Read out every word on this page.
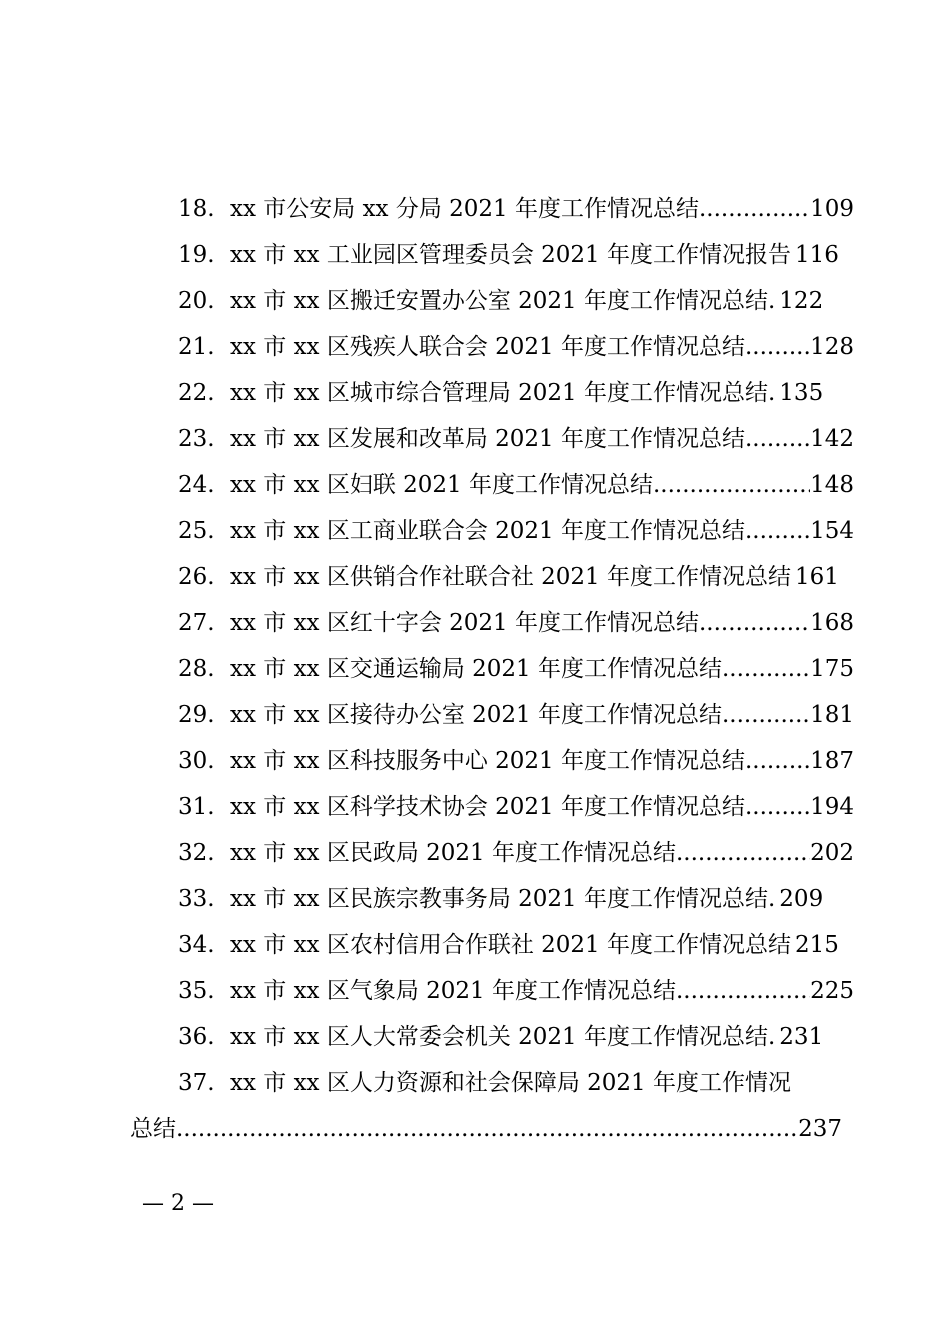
18. xx 市公安局 xx 分局 2021 年度工作情况总结 .....	109
19. xx 市 xx 工业园区管理委员会 2021 年度工作情况报告 116
20. xx 市 xx 区搬迁安置办公室 2021 年度工作情况总结. 122
21. xx 市 xx 区残疾人联合会 2021 年度工作情况总结 .....	128
22. xx 市 xx 区城市综合管理局 2021 年度工作情况总结. 135
23. xx 市 xx 区发展和改革局 2021 年度工作情况总结 .....	142
24. xx 市 xx 区妇联 2021 年度工作情况总结 .....	148
25. xx 市 xx 区工商业联合会 2021 年度工作情况总结 .....	154
26. xx 市 xx 区供销合作社联合社 2021 年度工作情况总结 161
27. xx 市 xx 区红十字会 2021 年度工作情况总结 .....	168
28. xx 市 xx 区交通运输局 2021 年度工作情况总结 .....	175
29. xx 市 xx 区接待办公室 2021 年度工作情况总结 .....	181
30. xx 市 xx 区科技服务中心 2021 年度工作情况总结 .....	187
31. xx 市 xx 区科学技术协会 2021 年度工作情况总结 .....	194
32. xx 市 xx 区民政局 2021 年度工作情况总结 .....	202
33. xx 市 xx 区民族宗教事务局 2021 年度工作情况总结. 209
34. xx 市 xx 区农村信用合作联社 2021 年度工作情况总结 215
35. xx 市 xx 区气象局 2021 年度工作情况总结 .....	225
36. xx 市 xx 区人大常委会机关 2021 年度工作情况总结. 231
37. xx 市 xx 区人力资源和社会保障局 2021 年度工作情况
总结 .....	237
— 2 —
